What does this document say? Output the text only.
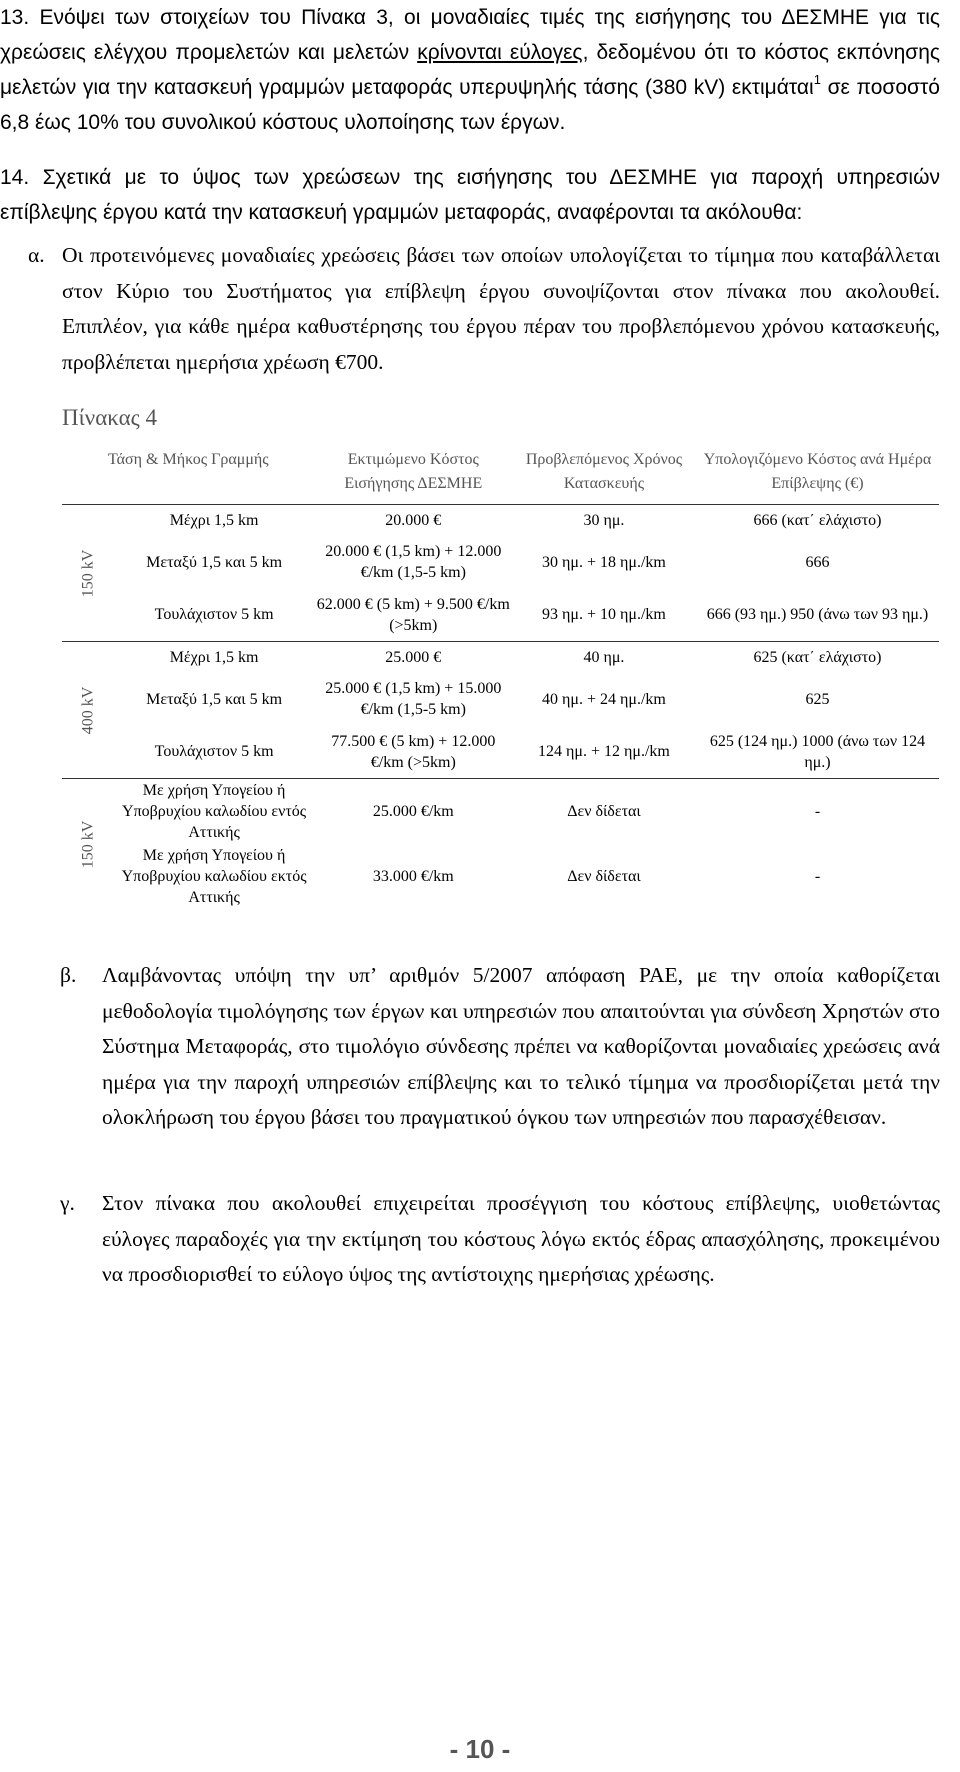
13. Ενόψει των στοιχείων του Πίνακα 3, οι μοναδιαίες τιμές της εισήγησης του ΔΕΣΜΗΕ για τις χρεώσεις ελέγχου προμελετών και μελετών κρίνονται εύλογες, δεδομένου ότι το κόστος εκπόνησης μελετών για την κατασκευή γραμμών μεταφοράς υπερυψηλής τάσης (380 kV) εκτιμάται$^1$ σε ποσοστό 6,8 έως 10% του συνολικού κόστους υλοποίησης των έργων.

14. Σχετικά με το ύψος των χρεώσεων της εισήγησης του ΔΕΣΜΗΕ για παροχή υπηρεσιών επίβλεψης έργου κατά την κατασκευή γραμμών μεταφοράς, αναφέρονται τα ακόλουθα:

α. Οι προτεινόμενες μοναδιαίες χρεώσεις βάσει των οποίων υπολογίζεται το τίμημα που καταβάλλεται στον Κύριο του Συστήματος για επίβλεψη έργου συνοψίζονται στον πίνακα που ακολουθεί. Επιπλέον, για κάθε ημέρα καθυστέρησης του έργου πέραν του προβλεπόμενου χρόνου κατασκευής, προβλέπεται ημερήσια χρέωση €700.

Πίνακας 4
Τάση & Μήκος Γραμμής		Εκτιμώμενο Κόστος Εισήγησης ΔΕΣΜΗΕ	Προβλεπόμενος Χρόνος Κατασκευής	Υπολογιζόμενο Κόστος ανά Ημέρα Επίβλεψης (€)
150 kV	Μέχρι 1,5 km	20.000 €	30 ημ.	666 (κατ΄ ελάχιστο)
	Μεταξύ 1,5 και 5 km	20.000 € (1,5 km) + 12.000 €/km (1,5-5 km)	30 ημ. + 18 ημ./km	666
	Τουλάχιστον 5 km	62.000 € (5 km) + 9.500 €/km (>5km)	93 ημ. + 10 ημ./km	666 (93 ημ.) 950 (άνω των 93 ημ.)
400 kV	Μέχρι 1,5 km	25.000 €	40 ημ.	625 (κατ΄ ελάχιστο)
	Μεταξύ 1,5 και 5 km	25.000 € (1,5 km) + 15.000 €/km (1,5-5 km)	40 ημ. + 24 ημ./km	625
	Τουλάχιστον 5 km	77.500 € (5 km) + 12.000 €/km (>5km)	124 ημ. + 12 ημ./km	625 (124 ημ.) 1000 (άνω των 124 ημ.)
150 kV	Με χρήση Υπογείου ή Υποβρυχίου καλωδίου εντός Αττικής	25.000 €/km	Δεν δίδεται	-
	Με χρήση Υπογείου ή Υποβρυχίου καλωδίου εκτός Αττικής	33.000 €/km	Δεν δίδεται	-

β. Λαμβάνοντας υπόψη την υπ’ αριθμόν 5/2007 απόφαση ΡΑΕ, με την οποία καθορίζεται μεθοδολογία τιμολόγησης των έργων και υπηρεσιών που απαιτούνται για σύνδεση Χρηστών στο Σύστημα Μεταφοράς, στο τιμολόγιο σύνδεσης πρέπει να καθορίζονται μοναδιαίες χρεώσεις ανά ημέρα για την παροχή υπηρεσιών επίβλεψης και το τελικό τίμημα να προσδιορίζεται μετά την ολοκλήρωση του έργου βάσει του πραγματικού όγκου των υπηρεσιών που παρασχέθεισαν.

γ. Στον πίνακα που ακολουθεί επιχειρείται προσέγγιση του κόστους επίβλεψης, υιοθετώντας εύλογες παραδοχές για την εκτίμηση του κόστους λόγω εκτός έδρας απασχόλησης, προκειμένου να προσδιορισθεί το εύλογο ύψος της αντίστοιχης ημερήσιας χρέωσης.

- 10 -
